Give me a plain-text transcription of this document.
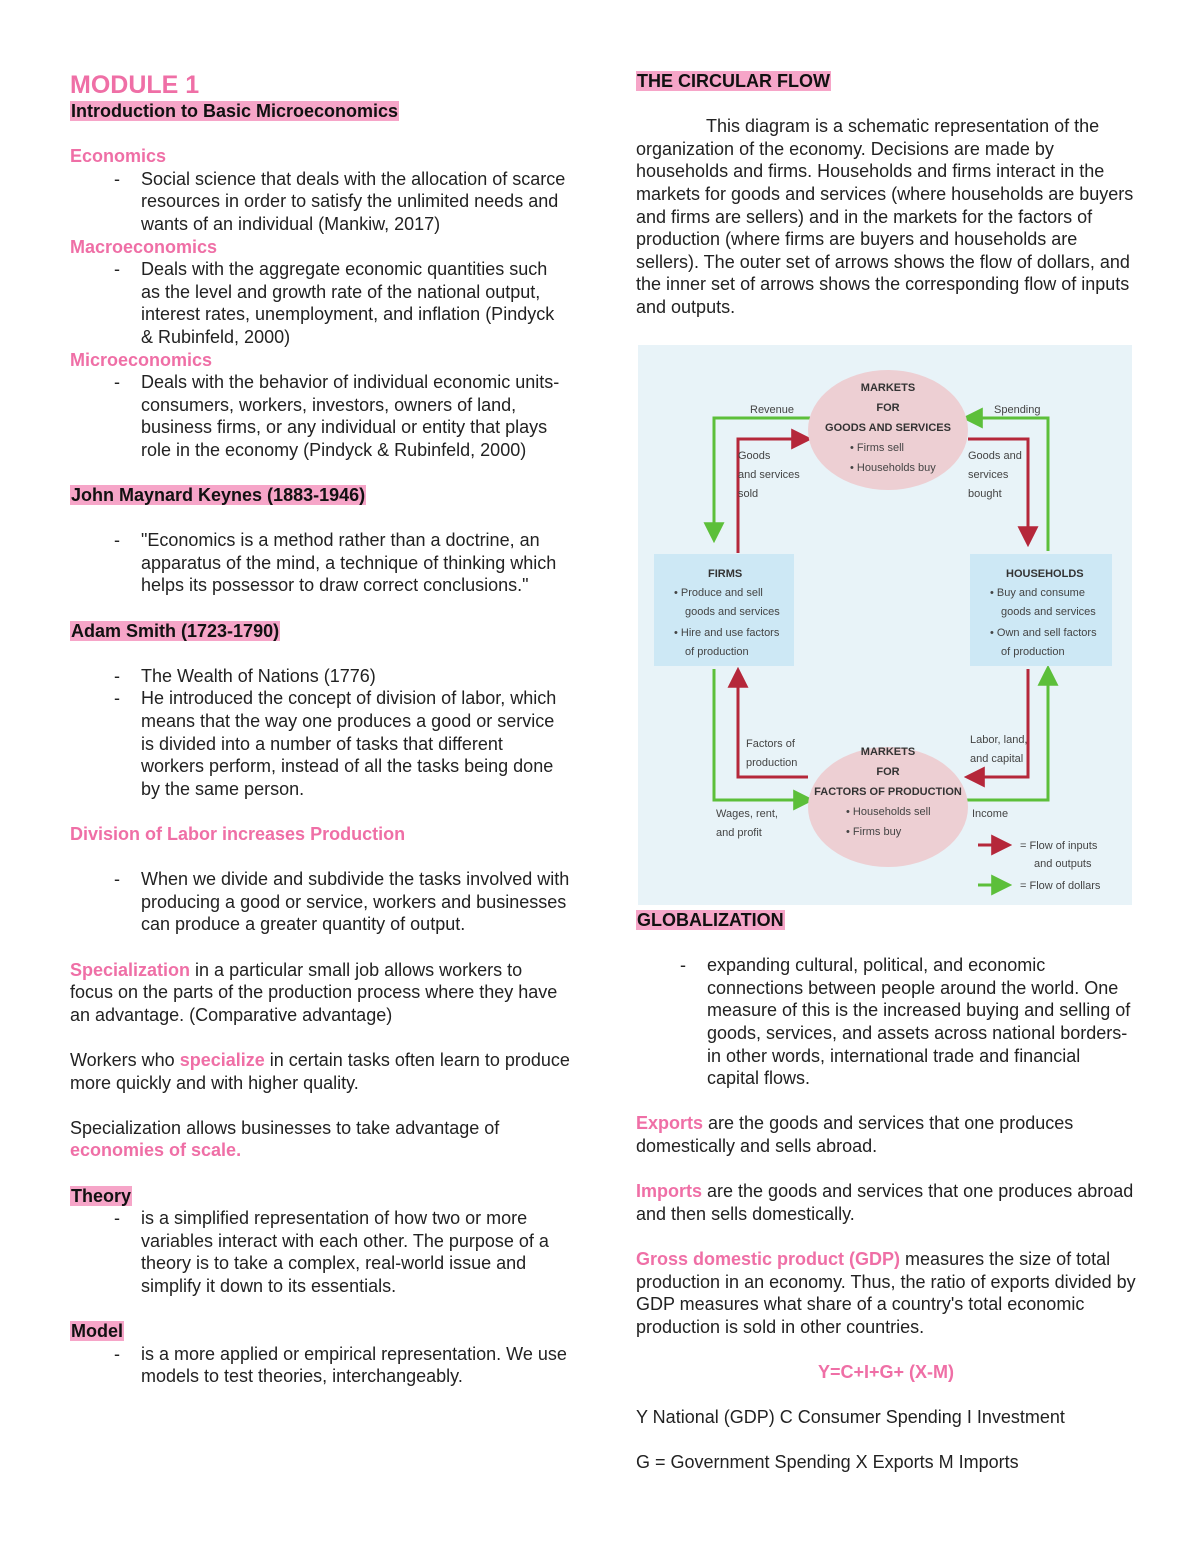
MODULE 1

Introduction to Basic Microeconomics

Economics

- Social science that deals with the allocation of scarce resources in order to satisfy the unlimited needs and wants of an individual (Mankiw, 2017)

Macroeconomics

- Deals with the aggregate economic quantities such as the level and growth rate of the national output, interest rates, unemployment, and inflation (Pindyck & Rubinfeld, 2000)

Microeconomics

- Deals with the behavior of individual economic units- consumers, workers, investors, owners of land, business firms, or any individual or entity that plays role in the economy (Pindyck & Rubinfeld, 2000)

John Maynard Keynes (1883-1946)

- "Economics is a method rather than a doctrine, an apparatus of the mind, a technique of thinking which helps its possessor to draw correct conclusions."

Adam Smith (1723-1790)

- The Wealth of Nations (1776)

- He introduced the concept of division of labor, which means that the way one produces a good or service is divided into a number of tasks that different workers perform, instead of all the tasks being done by the same person.

Division of Labor increases Production

- When we divide and subdivide the tasks involved with producing a good or service, workers and businesses can produce a greater quantity of output.

Specialization in a particular small job allows workers to focus on the parts of the production process where they have an advantage. (Comparative advantage)

Workers who specialize in certain tasks often learn to produce more quickly and with higher quality.

Specialization allows businesses to take advantage of economies of scale.

Theory

- is a simplified representation of how two or more variables interact with each other. The purpose of a theory is to take a complex, real-world issue and simplify it down to its essentials.

Model

- is a more applied or empirical representation. We use models to test theories, interchangeably.

THE CIRCULAR FLOW

This diagram is a schematic representation of the organization of the economy. Decisions are made by households and firms. Households and firms interact in the markets for goods and services (where households are buyers and firms are sellers) and in the markets for the factors of production (where firms are buyers and households are sellers). The outer set of arrows shows the flow of dollars, and the inner set of arrows shows the corresponding flow of inputs and outputs.

MARKETS
FOR
GOODS AND SERVICES
• Firms sell
• Households buy
MARKETS
FOR
FACTORS OF PRODUCTION
• Households sell
• Firms buy
FIRMS
• Produce and sell
goods and services
• Hire and use factors
of production
HOUSEHOLDS
• Buy and consume
goods and services
• Own and sell factors
of production
Revenue	Spending
Goods
and services
sold
Goods and
services
bought
Factors of
production
Labor, land,
and capital
Wages, rent,
and profit
Income
= Flow of inputs
and outputs
= Flow of dollars

GLOBALIZATION

- expanding cultural, political, and economic connections between people around the world. One measure of this is the increased buying and selling of goods, services, and assets across national borders-in other words, international trade and financial capital flows.

Exports are the goods and services that one produces domestically and sells abroad.

Imports are the goods and services that one produces abroad and then sells domestically.

Gross domestic product (GDP) measures the size of total production in an economy. Thus, the ratio of exports divided by GDP measures what share of a country's total economic production is sold in other countries.

Y=C+I+G+ (X-M)

Y National (GDP) C Consumer Spending I Investment

G = Government Spending X Exports M Imports
